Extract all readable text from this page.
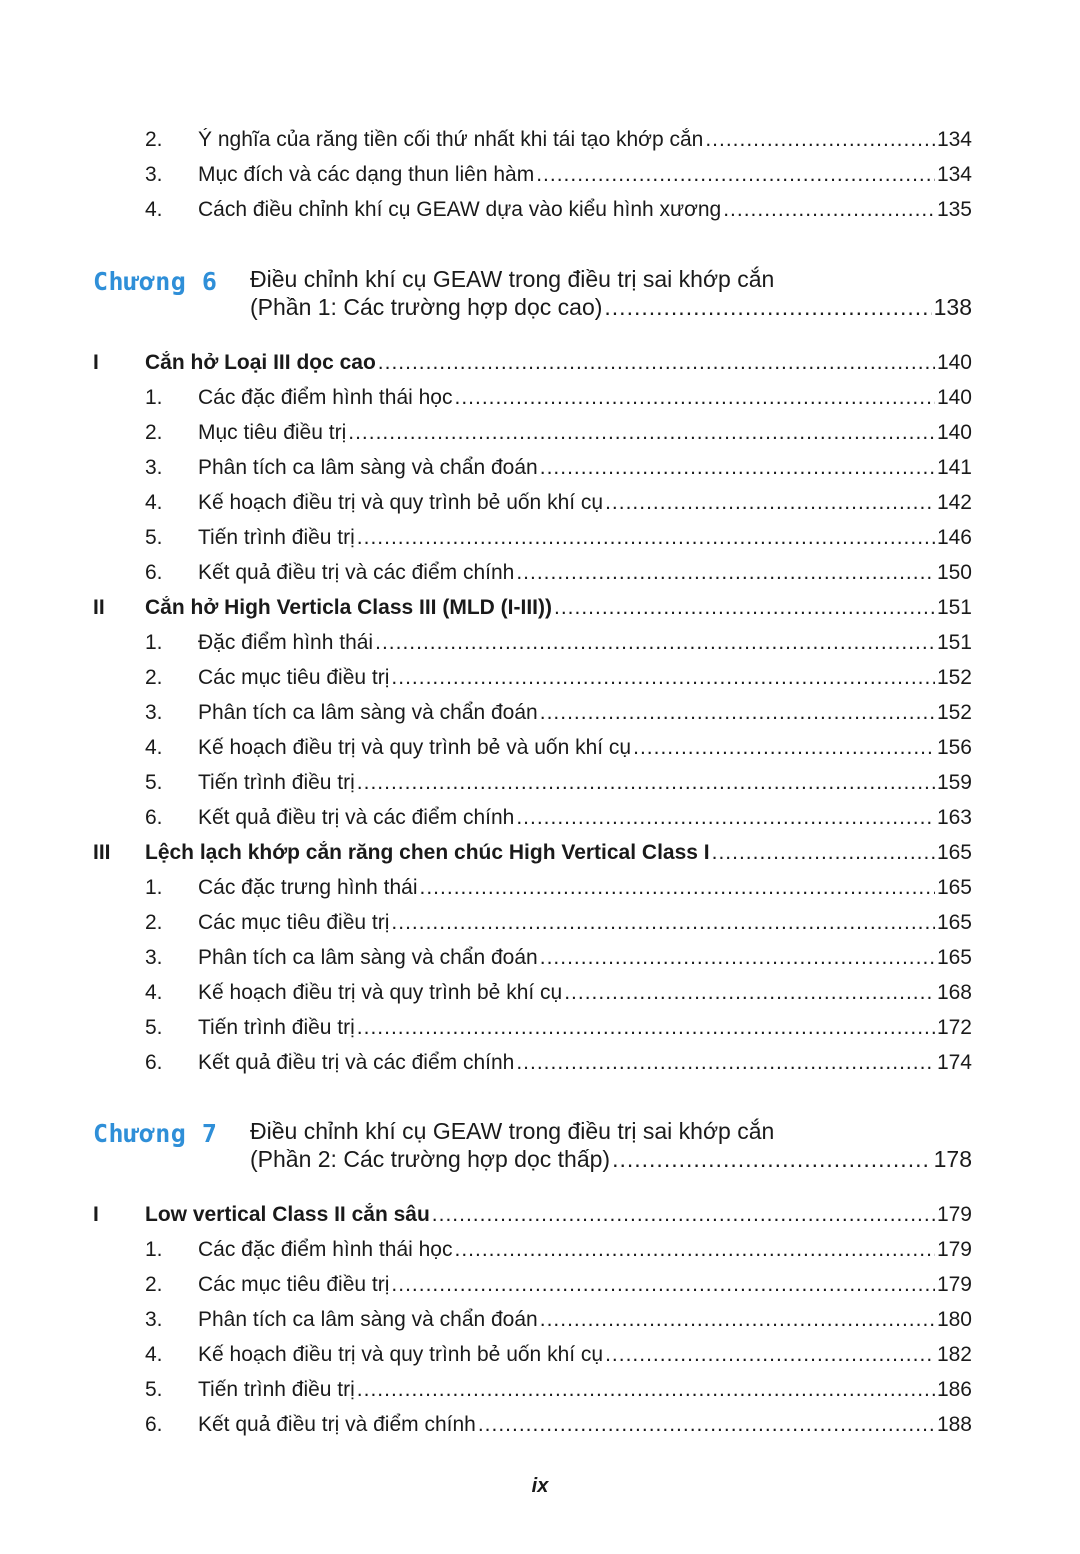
2.	Ý nghĩa của răng tiền cối thứ nhất khi tái tạo khớp cắn .....	134
3.	Mục đích và các dạng thun liên hàm .....	134
4.	Cách điều chỉnh khí cụ GEAW dựa vào kiểu hình xương .....	135
Chương 6 Điều chỉnh khí cụ GEAW trong điều trị sai khớp cắn
(Phần 1: Các trường hợp dọc cao) .....	138
I	Cắn hở Loại III dọc cao .....	140
1.	Các đặc điểm hình thái học .....	140
2.	Mục tiêu điều trị .....	140
3.	Phân tích ca lâm sàng và chẩn đoán .....	141
4.	Kế hoạch điều trị và quy trình bẻ uốn khí cụ .....	142
5.	Tiến trình điều trị .....	146
6.	Kết quả điều trị và các điểm chính .....	150
II	Cắn hở High Verticla Class III (MLD (I-III)) .....	151
1.	Đặc điểm hình thái .....	151
2.	Các mục tiêu điều trị .....	152
3.	Phân tích ca lâm sàng và chẩn đoán .....	152
4.	Kế hoạch điều trị và quy trình bẻ và uốn khí cụ .....	156
5.	Tiến trình điều trị .....	159
6.	Kết quả điều trị và các điểm chính .....	163
III	Lệch lạch khớp cắn răng chen chúc High Vertical Class I .....	165
1.	Các đặc trưng hình thái .....	165
2.	Các mục tiêu điều trị .....	165
3.	Phân tích ca lâm sàng và chẩn đoán .....	165
4.	Kế hoạch điều trị và quy trình bẻ khí cụ .....	168
5.	Tiến trình điều trị .....	172
6.	Kết quả điều trị và các điểm chính .....	174
Chương 7 Điều chỉnh khí cụ GEAW trong điều trị sai khớp cắn
(Phần 2: Các trường hợp dọc thấp) .....	178
I	Low vertical Class II cắn sâu .....	179
1.	Các đặc điểm hình thái học .....	179
2.	Các mục tiêu điều trị .....	179
3.	Phân tích ca lâm sàng và chẩn đoán .....	180
4.	Kế hoạch điều trị và quy trình bẻ uốn khí cụ .....	182
5.	Tiến trình điều trị .....	186
6.	Kết quả điều trị và điểm chính .....	188
ix
